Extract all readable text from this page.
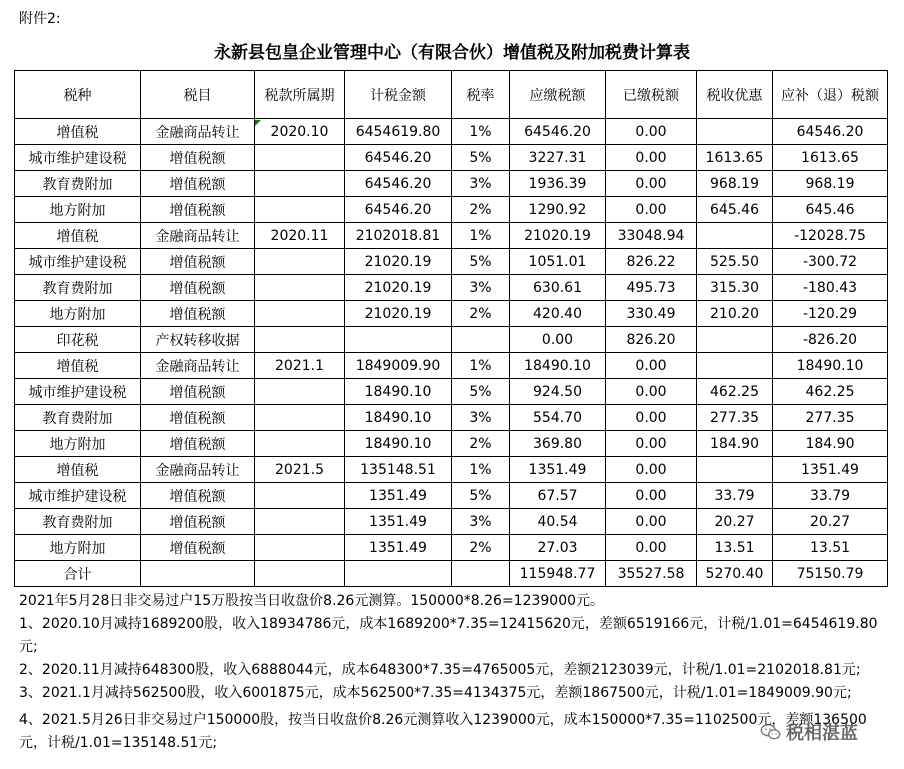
附件2:
永新县包皇企业管理中心（有限合伙）增值税及附加税费计算表
税种	税目	税款所属期	计税金额	税率	应缴税额	已缴税额	税收优惠	应补（退）税额
增值税	金融商品转让	2020.10	6454619.80	1%	64546.20	0.00		64546.20
城市维护建设税	增值税额		64546.20	5%	3227.31	0.00	1613.65	1613.65
教育费附加	增值税额		64546.20	3%	1936.39	0.00	968.19	968.19
地方附加	增值税额		64546.20	2%	1290.92	0.00	645.46	645.46
增值税	金融商品转让	2020.11	2102018.81	1%	21020.19	33048.94		-12028.75
城市维护建设税	增值税额		21020.19	5%	1051.01	826.22	525.50	-300.72
教育费附加	增值税额		21020.19	3%	630.61	495.73	315.30	-180.43
地方附加	增值税额		21020.19	2%	420.40	330.49	210.20	-120.29
印花税	产权转移收据				0.00	826.20		-826.20
增值税	金融商品转让	2021.1	1849009.90	1%	18490.10	0.00		18490.10
城市维护建设税	增值税额		18490.10	5%	924.50	0.00	462.25	462.25
教育费附加	增值税额		18490.10	3%	554.70	0.00	277.35	277.35
地方附加	增值税额		18490.10	2%	369.80	0.00	184.90	184.90
增值税	金融商品转让	2021.5	135148.51	1%	1351.49	0.00		1351.49
城市维护建设税	增值税额		1351.49	5%	67.57	0.00	33.79	33.79
教育费附加	增值税额		1351.49	3%	40.54	0.00	20.27	20.27
地方附加	增值税额		1351.49	2%	27.03	0.00	13.51	13.51
合计					115948.77	35527.58	5270.40	75150.79

2021年5月28日非交易过户15万股按当日收盘价8.26元测算。150000*8.26=1239000元。

1、2020.10月减持1689200股，收入18934786元，成本1689200*7.35=12415620元，差额6519166元，计税/1.01=6454619.80元;

2、2020.11月减持648300股，收入6888044元，成本648300*7.35=4765005元，差额2123039元，计税/1.01=2102018.81元;

3、2021.1月减持562500股，收入6001875元，成本562500*7.35=4134375元，差额1867500元，计税/1.01=1849009.90元;

4、2021.5月26日非交易过户150000股，按当日收盘价8.26元测算收入1239000元，成本150000*7.35=1102500元，差额136500元，计税/1.01=135148.51元;	税相湛蓝
